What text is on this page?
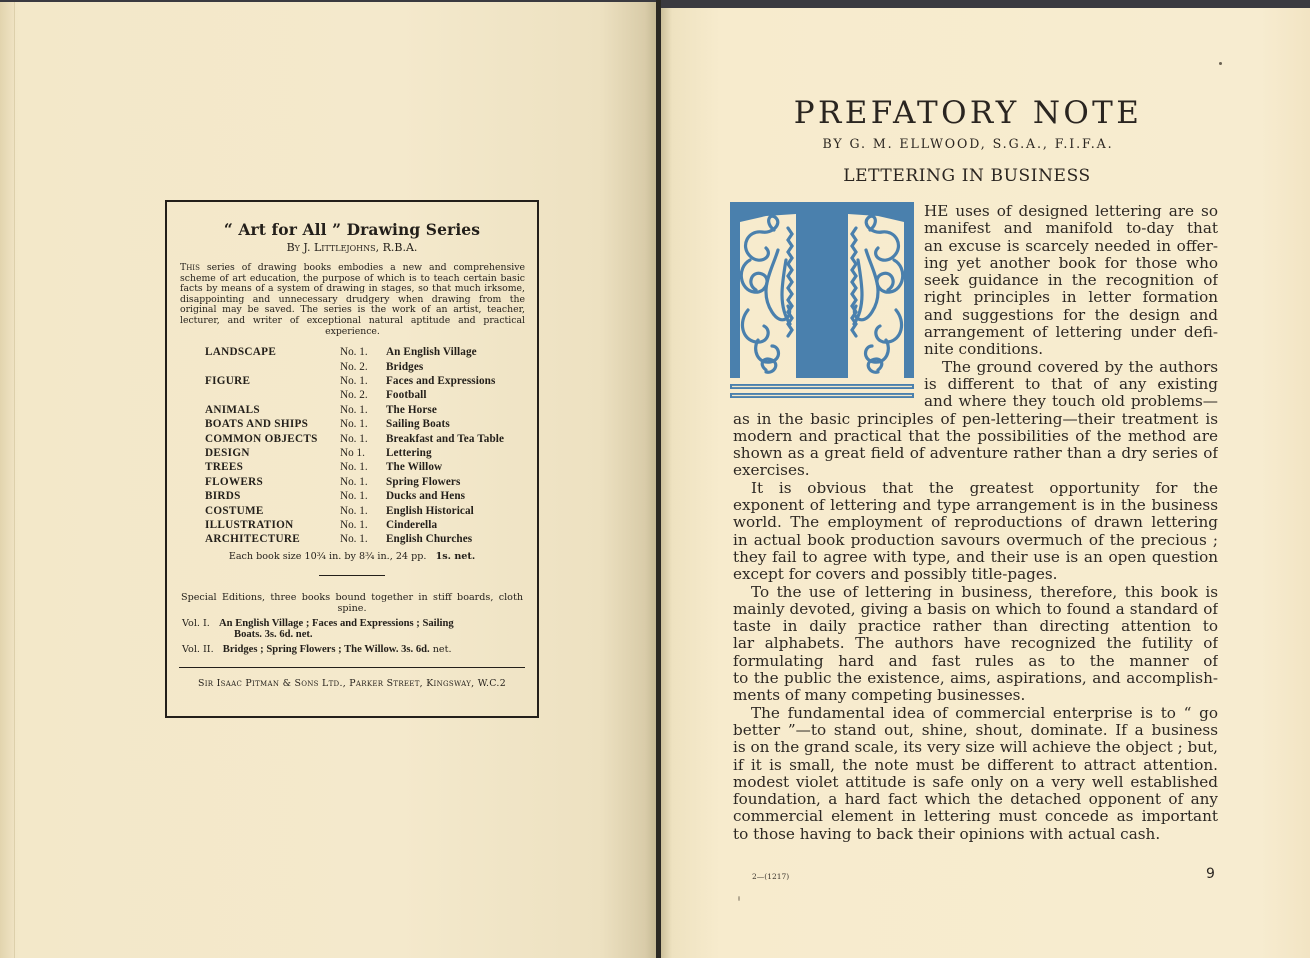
“ Art for All ” Drawing Series
By J. Littlejohns, R.B.A.
This series of drawing books embodies a new and comprehensive scheme of art education, the purpose of which is to teach certain basic facts by means of a system of drawing in stages, so that much irksome, disappointing and unnecessary drudgery when drawing from the original may be saved. The series is the work of an artist, teacher, lecturer, and writer of exceptional natural aptitude and practical experience.
LANDSCAPE	No. 1.	An English Village
	No. 2.	Bridges
FIGURE	No. 1.	Faces and Expressions
	No. 2.	Football
ANIMALS	No. 1.	The Horse
BOATS AND SHIPS	No. 1.	Sailing Boats
COMMON OBJECTS	No. 1.	Breakfast and Tea Table
DESIGN	No 1.	Lettering
TREES	No. 1.	The Willow
FLOWERS	No. 1.	Spring Flowers
BIRDS	No. 1.	Ducks and Hens
COSTUME	No. 1.	English Historical
ILLUSTRATION	No. 1.	Cinderella
ARCHITECTURE	No. 1.	English Churches
Each book size 10¾ in. by 8¾ in., 24 pp. 1s. net.
Special Editions, three books bound together in stiff boards, cloth spine.
Vol. I. An English Village ; Faces and Expressions ; Sailing
Boats. 3s. 6d. net.
Vol. II. Bridges ; Spring Flowers ; The Willow. 3s. 6d. net.
Sir Isaac Pitman & Sons Ltd., Parker Street, Kingsway, W.C.2
PREFATORY NOTE
BY G. M. ELLWOOD, S.G.A., F.I.F.A.
LETTERING IN BUSINESS
HE uses of designed lettering are so
manifest and manifold to-day that
an excuse is scarcely needed in offer-
ing yet another book for those who
seek guidance in the recognition of
right principles in letter formation
and suggestions for the design and
arrangement of lettering under defi-
nite conditions.
The ground covered by the authors
is different to that of any existing
and where they touch old problems—
as in the basic principles of pen-lettering—their treatment is
modern and practical that the possibilities of the method are
shown as a great field of adventure rather than a dry series of
exercises.
It is obvious that the greatest opportunity for the
exponent of lettering and type arrangement is in the business
world. The employment of reproductions of drawn lettering
in actual book production savours overmuch of the precious ;
they fail to agree with type, and their use is an open question
except for covers and possibly title-pages.
To the use of lettering in business, therefore, this book is
mainly devoted, giving a basis on which to found a standard of
taste in daily practice rather than directing attention to
lar alphabets. The authors have recognized the futility of
formulating hard and fast rules as to the manner of
to the public the existence, aims, aspirations, and accomplish-
ments of many competing businesses.
The fundamental idea of commercial enterprise is to “ go
better ”—to stand out, shine, shout, dominate. If a business
is on the grand scale, its very size will achieve the object ; but,
if it is small, the note must be different to attract attention.
modest violet attitude is safe only on a very well established
foundation, a hard fact which the detached opponent of any
commercial element in lettering must concede as important
to those having to back their opinions with actual cash.
2—(1217)	9
